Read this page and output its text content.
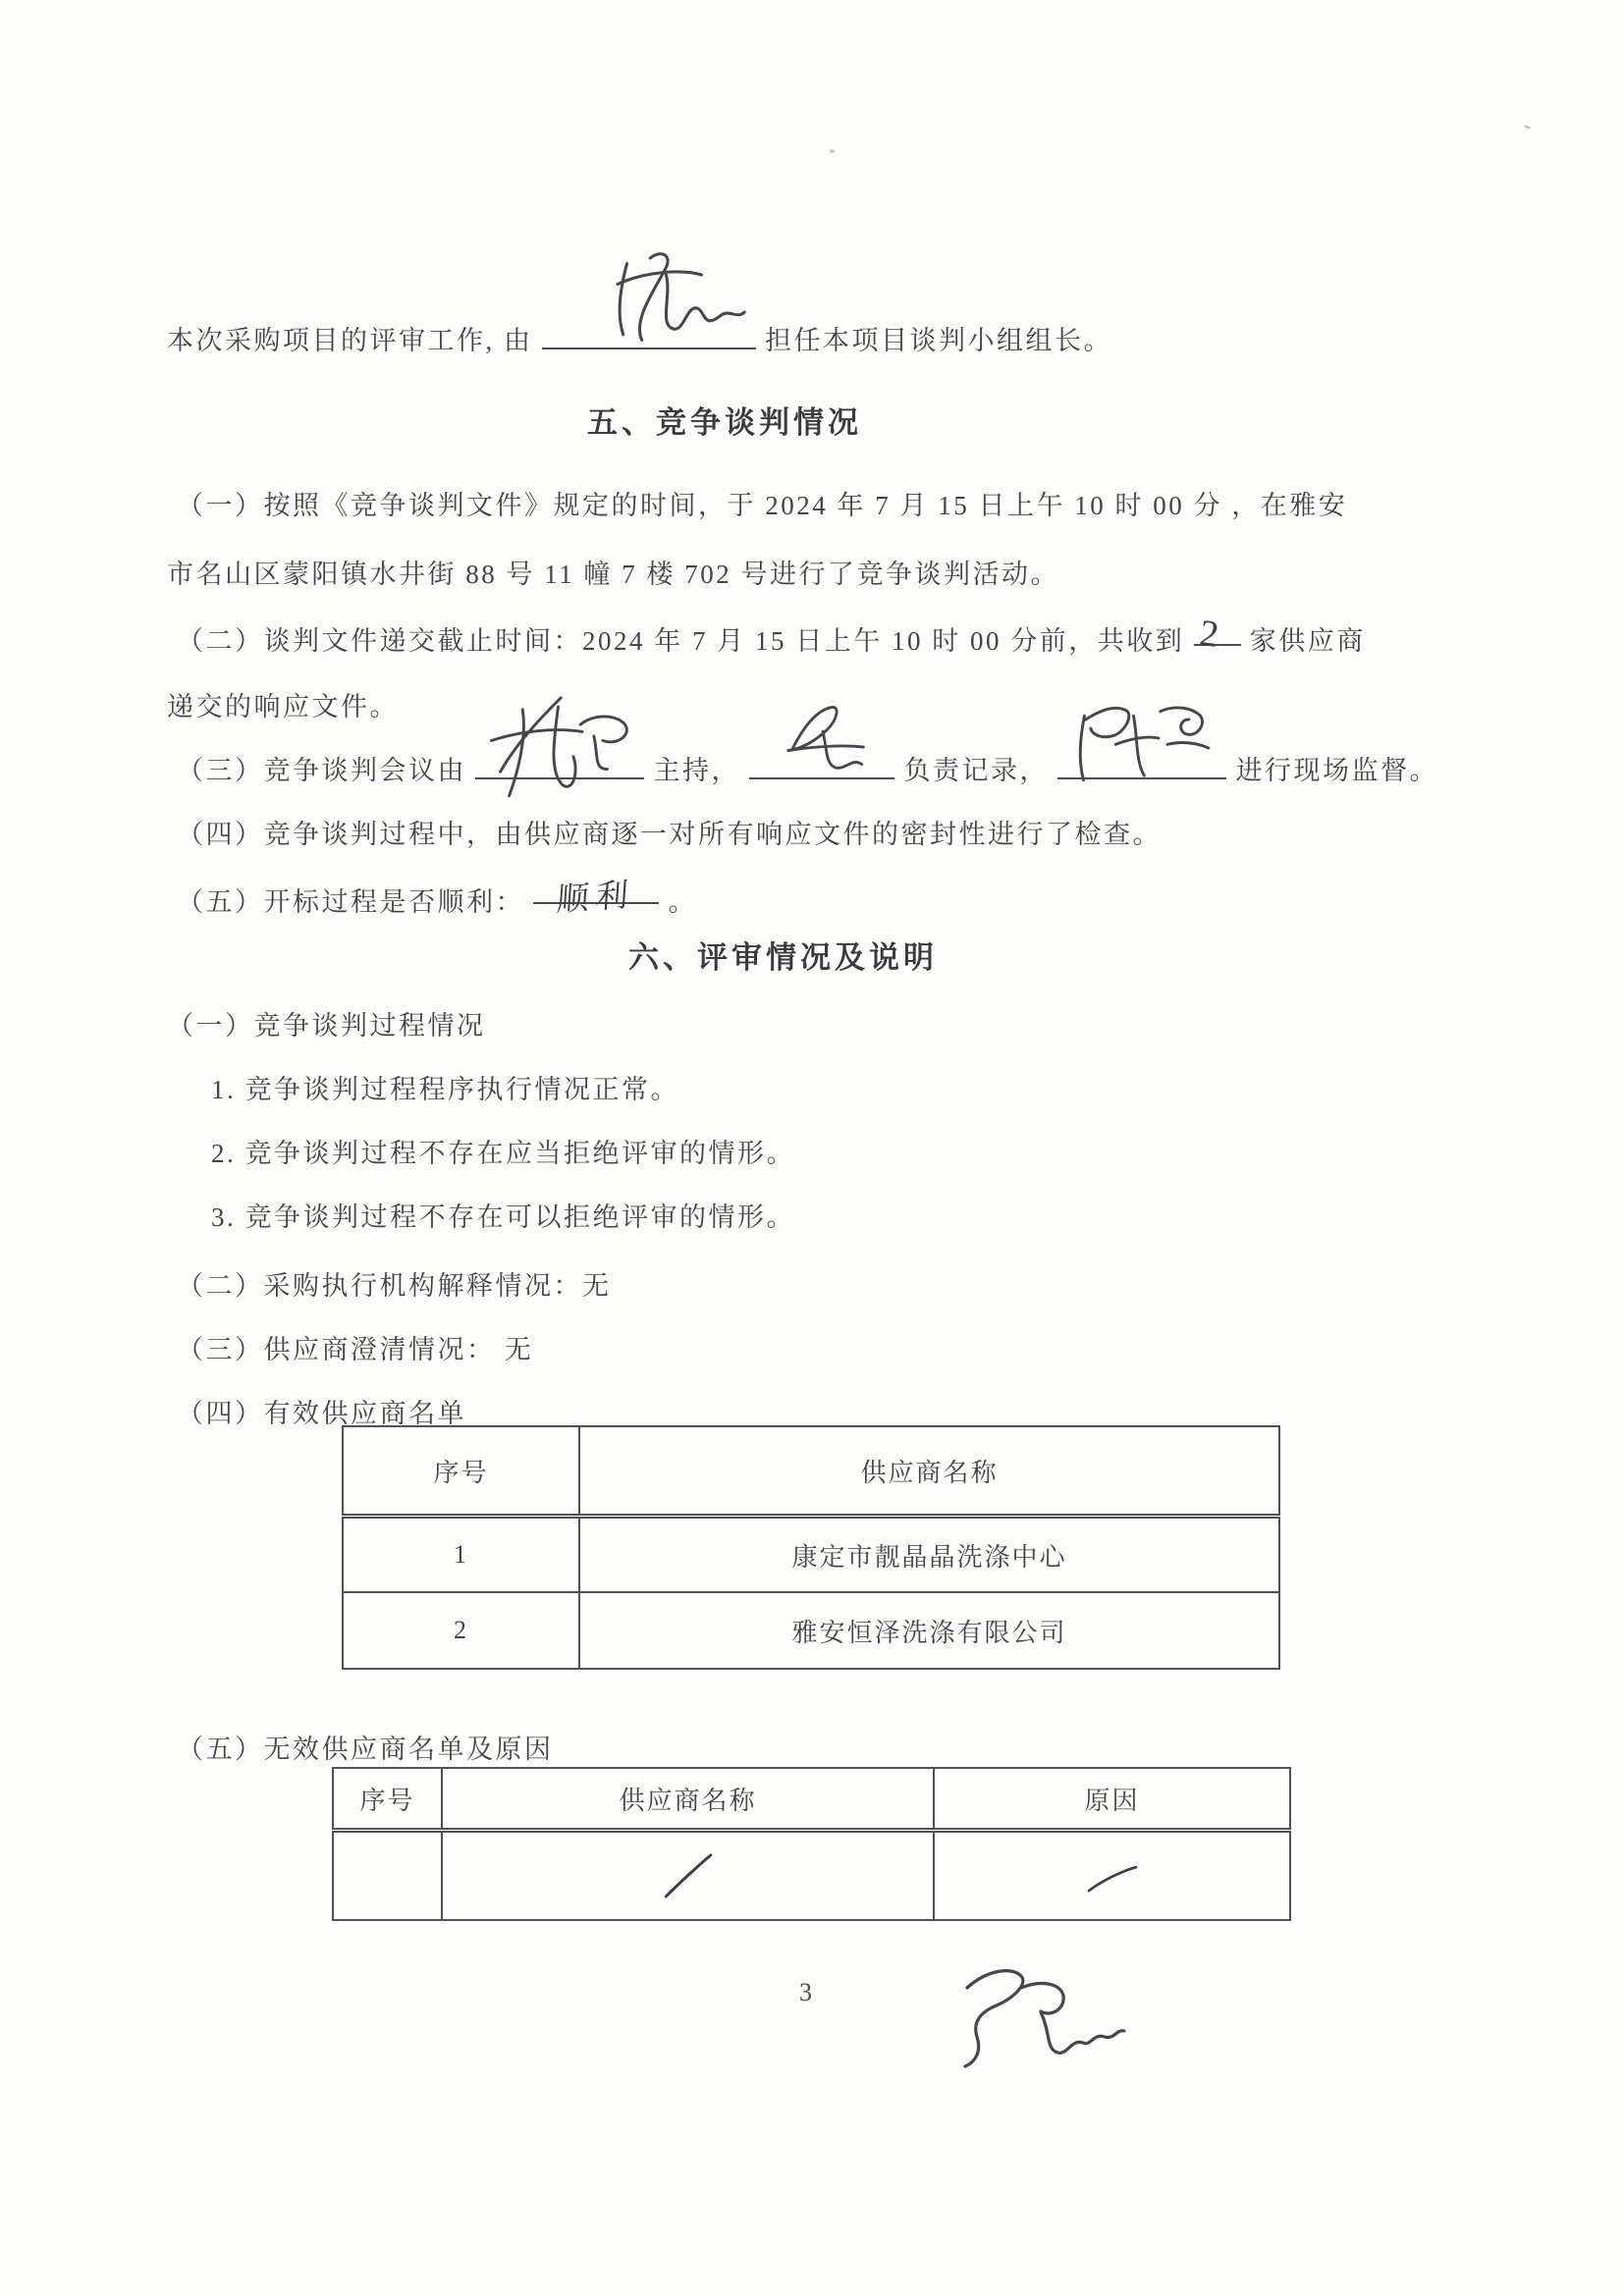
本次采购项目的评审工作, 由	担任本项目谈判小组组长。
五、竞争谈判情况
（一）按照《竞争谈判文件》规定的时间，于 2024 年 7 月 15 日上午 10 时 00 分 ，在雅安
市名山区蒙阳镇水井街 88 号 11 幢 7 楼 702 号进行了竞争谈判活动。
（二）谈判文件递交截止时间：2024 年 7 月 15 日上午 10 时 00 分前，共收到 2 家供应商
递交的响应文件。
（三）竞争谈判会议由	主持，	负责记录，	进行现场监督。
（四）竞争谈判过程中，由供应商逐一对所有响应文件的密封性进行了检查。
（五）开标过程是否顺利： 顺利 。
六、评审情况及说明
（一）竞争谈判过程情况
1. 竞争谈判过程程序执行情况正常。
2. 竞争谈判过程不存在应当拒绝评审的情形。
3. 竞争谈判过程不存在可以拒绝评审的情形。
（二）采购执行机构解释情况：无
（三）供应商澄清情况： 无
（四）有效供应商名单
序号	供应商名称
1	康定市靓晶晶洗涤中心
2	雅安恒泽洗涤有限公司
（五）无效供应商名单及原因
序号	供应商名称	原因

3
